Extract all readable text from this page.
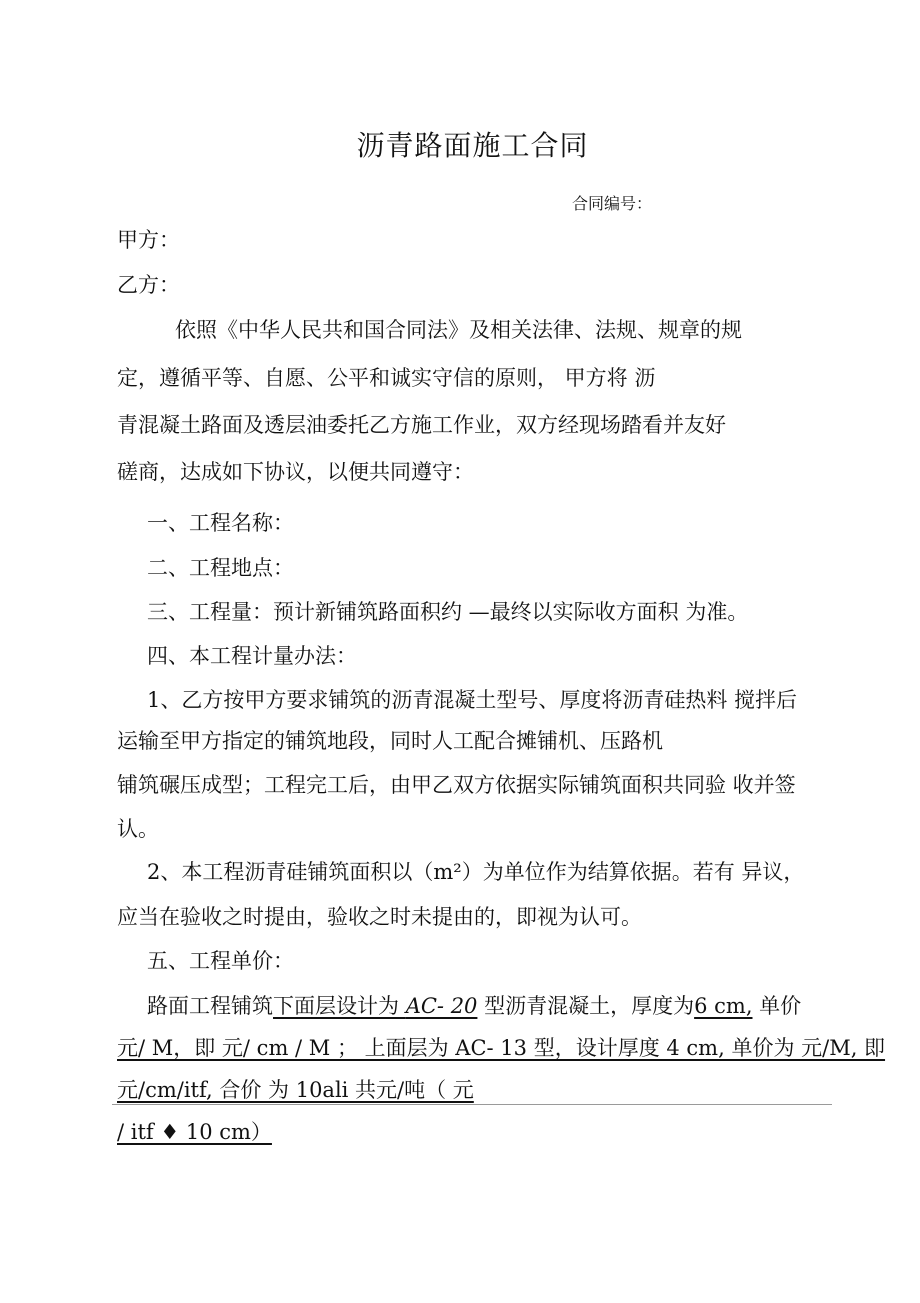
沥青路面施工合同
合同编号：
甲方：
乙方：
依照《中华人民共和国合同法》及相关法律、法规、规章的规
定，遵循平等、自愿、公平和诚实守信的原则， 甲方将 沥
青混凝土路面及透层油委托乙方施工作业，双方经现场踏看并友好
磋商，达成如下协议，以便共同遵守：
一、工程名称：
二、工程地点：
三、工程量：预计新铺筑路面积约 —最终以实际收方面积 为准。
四、本工程计量办法：
1、乙方按甲方要求铺筑的沥青混凝土型号、厚度将沥青硅热料 搅拌后
运输至甲方指定的铺筑地段，同时人工配合摊铺机、压路机
铺筑碾压成型；工程完工后，由甲乙双方依据实际铺筑面积共同验 收并签
认。
2、本工程沥青硅铺筑面积以（m²）为单位作为结算依据。若有 异议，
应当在验收之时提由，验收之时未提由的，即视为认可。
五、工程单价：
路面工程铺筑下面层设计为 AC- 20 型沥青混凝土，厚度为6 cm, 单价
元/ M，即 元/ cm / M ； 上面层为 AC- 13 型，设计厚度 4 cm, 单价为 元/M, 即
元/cm/itf, 合价 为 10ali 共元/吨（ 元
/ itf ♦ 10 cm）
